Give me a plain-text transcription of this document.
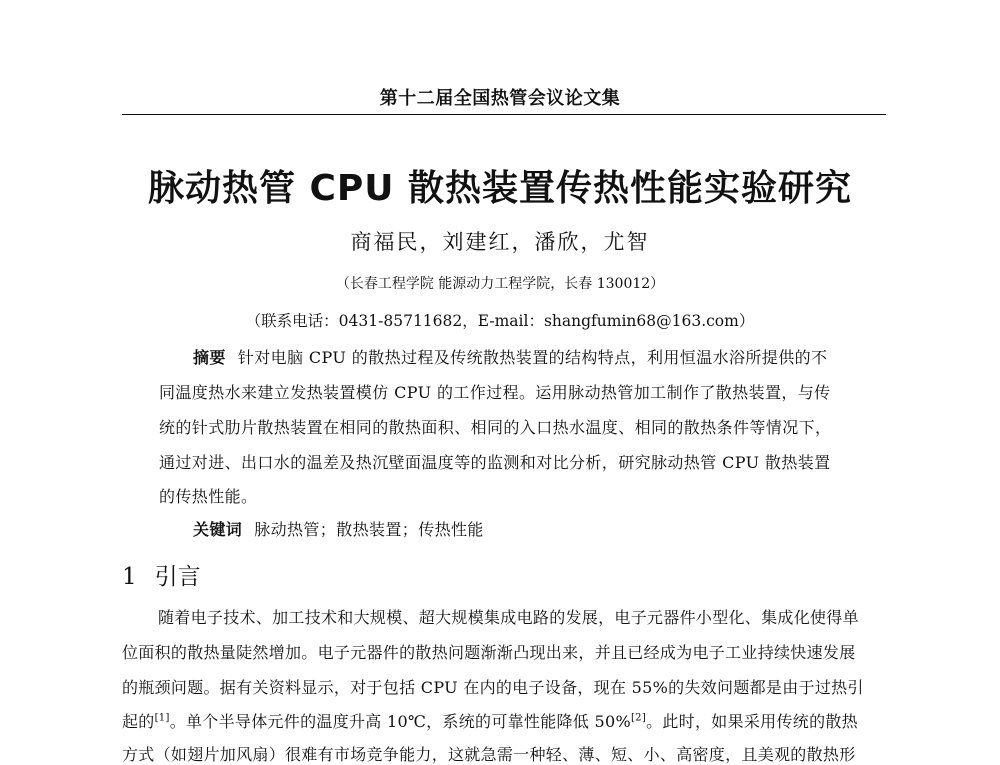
第十二届全国热管会议论文集
脉动热管 CPU 散热装置传热性能实验研究
商福民，刘建红，潘欣，尤智
（长春工程学院 能源动力工程学院，长春 130012）
（联系电话：0431-85711682，E-mail：shangfumin68@163.com）
摘要 针对电脑 CPU 的散热过程及传统散热装置的结构特点，利用恒温水浴所提供的不
同温度热水来建立发热装置模仿 CPU 的工作过程。运用脉动热管加工制作了散热装置，与传
统的针式肋片散热装置在相同的散热面积、相同的入口热水温度、相同的散热条件等情况下，
通过对进、出口水的温差及热沉壁面温度等的监测和对比分析，研究脉动热管 CPU 散热装置
的传热性能。
关键词 脉动热管；散热装置；传热性能
1 引言
随着电子技术、加工技术和大规模、超大规模集成电路的发展，电子元器件小型化、集成化使得单
位面积的散热量陡然增加。电子元器件的散热问题渐渐凸现出来，并且已经成为电子工业持续快速发展
的瓶颈问题。据有关资料显示，对于包括 CPU 在内的电子设备，现在 55%的失效问题都是由于过热引
起的[1]。单个半导体元件的温度升高 10℃，系统的可靠性能降低 50%[2]。此时，如果采用传统的散热
方式（如翅片加风扇）很难有市场竞争能力，这就急需一种轻、薄、短、小、高密度，且美观的散热形
